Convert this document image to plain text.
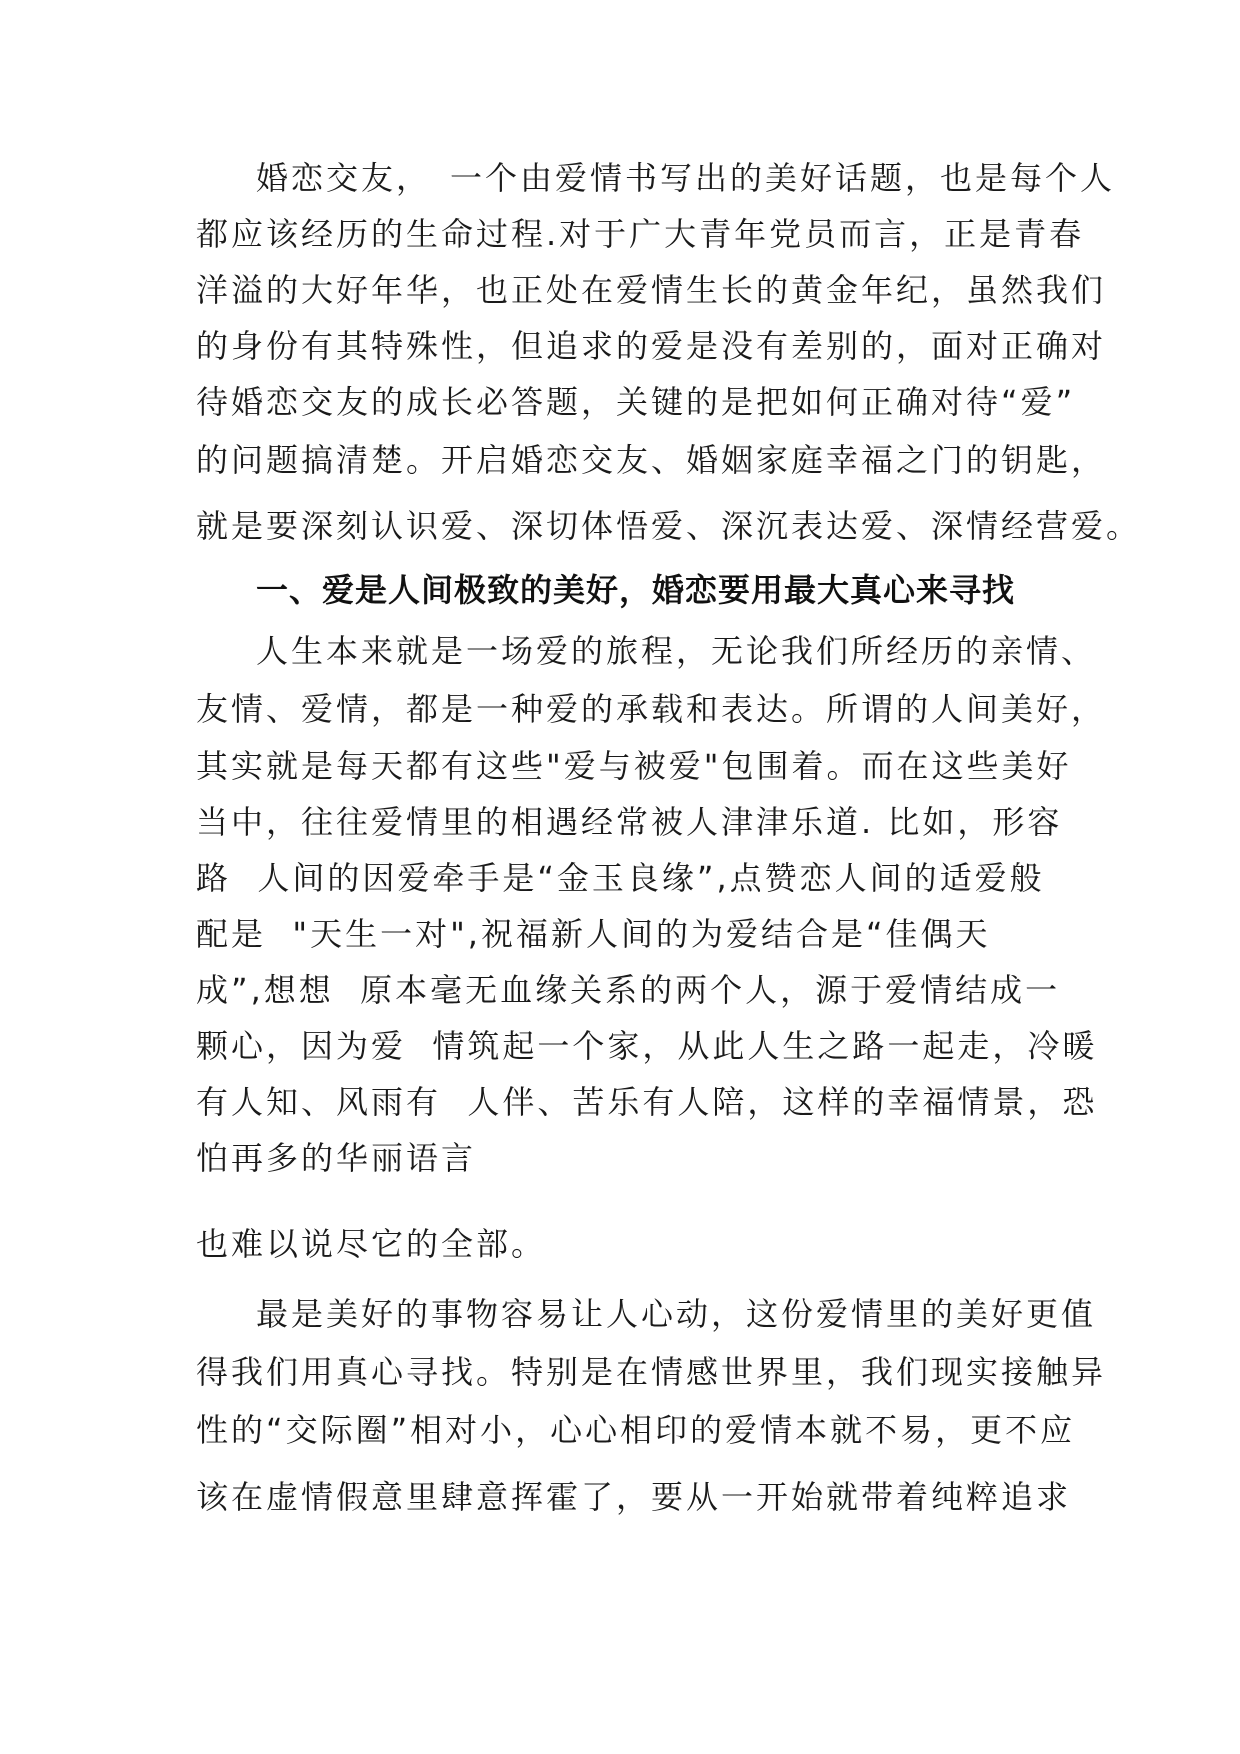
婚恋交友，　一个由爱情书写出的美好话题，也是每个人
都应该经历的生命过程.对于广大青年党员而言，正是青春
洋溢的大好年华，也正处在爱情生长的黄金年纪，虽然我们
的身份有其特殊性，但追求的爱是没有差别的，面对正确对
待婚恋交友的成长必答题，关键的是把如何正确对待“爱”
的问题搞清楚。开启婚恋交友、婚姻家庭幸福之门的钥匙，
就是要深刻认识爱、深切体悟爱、深沉表达爱、深情经营爱。
一、爱是人间极致的美好，婚恋要用最大真心来寻找
人生本来就是一场爱的旅程，无论我们所经历的亲情、
友情、爱情，都是一种爱的承载和表达。所谓的人间美好，
其实就是每天都有这些"爱与被爱"包围着。而在这些美好
当中，往往爱情里的相遇经常被人津津乐道. 比如，形容
路  人间的因爱牵手是“金玉良缘”,点赞恋人间的适爱般
配是  "天生一对",祝福新人间的为爱结合是“佳偶天
成”,想想  原本毫无血缘关系的两个人，源于爱情结成一
颗心，因为爱  情筑起一个家，从此人生之路一起走，冷暖
有人知、风雨有  人伴、苦乐有人陪，这样的幸福情景，恐
怕再多的华丽语言
也难以说尽它的全部。
最是美好的事物容易让人心动，这份爱情里的美好更值
得我们用真心寻找。特别是在情感世界里，我们现实接触异
性的“交际圈”相对小，心心相印的爱情本就不易，更不应
该在虚情假意里肆意挥霍了，要从一开始就带着纯粹追求
